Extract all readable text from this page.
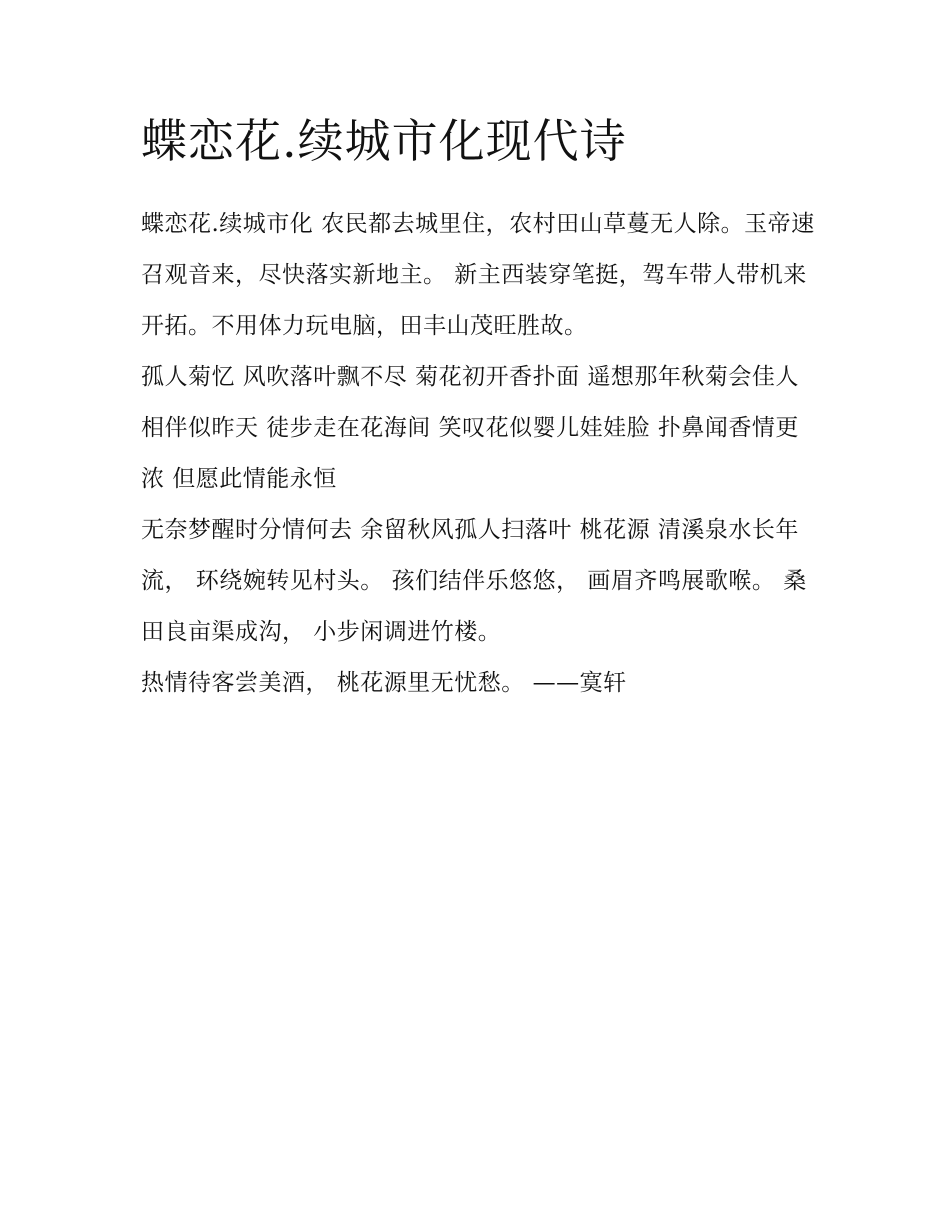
蝶恋花.续城市化现代诗

蝶恋花.续城市化 农民都去城里住，农村田山草蔓无人除。玉帝速召观音来，尽快落实新地主。 新主西装穿笔挺，驾车带人带机来开拓。不用体力玩电脑，田丰山茂旺胜故。

孤人菊忆 风吹落叶飘不尽 菊花初开香扑面 遥想那年秋菊会佳人相伴似昨天 徒步走在花海间 笑叹花似婴儿娃娃脸 扑鼻闻香情更浓 但愿此情能永恒

无奈梦醒时分情何去 余留秋风孤人扫落叶 桃花源 清溪泉水长年流， 环绕婉转见村头。 孩们结伴乐悠悠， 画眉齐鸣展歌喉。 桑田良亩渠成沟， 小步闲调进竹楼。

热情待客尝美酒， 桃花源里无忧愁。 ——寞轩
